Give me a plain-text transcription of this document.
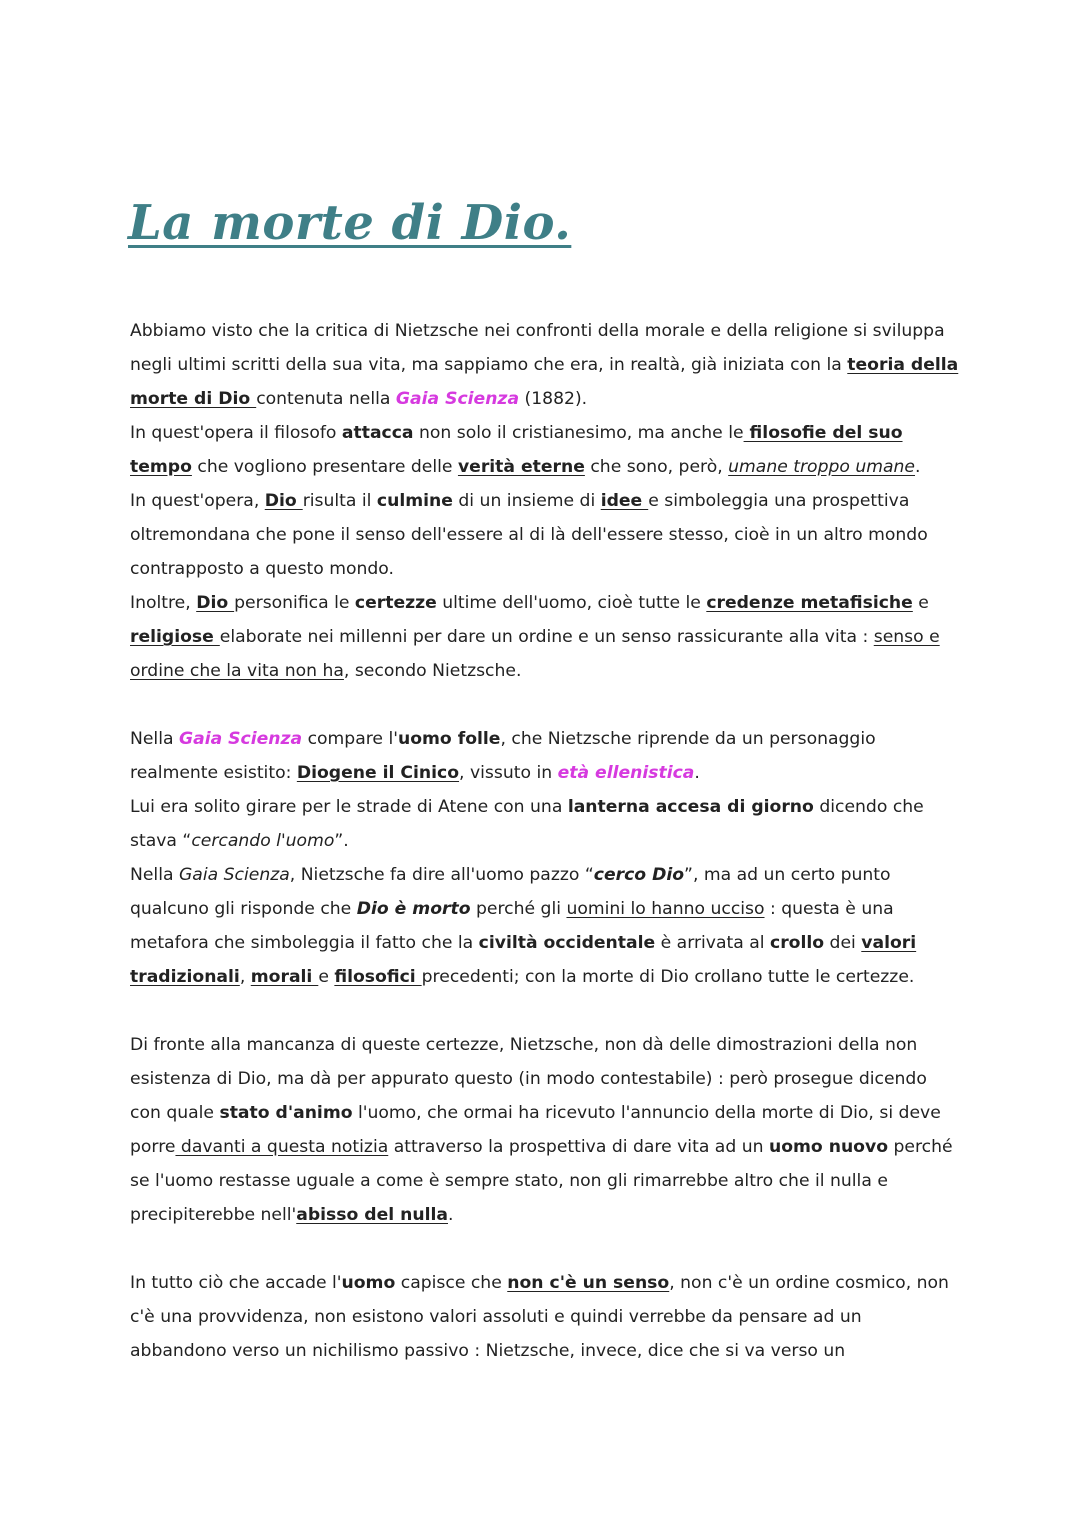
La morte di Dio.

Abbiamo visto che la critica di Nietzsche nei confronti della morale e della religione si sviluppa negli ultimi scritti della sua vita, ma sappiamo che era, in realtà, già iniziata con la teoria della morte di Dio contenuta nella Gaia Scienza (1882).

In quest'opera il filosofo attacca non solo il cristianesimo, ma anche le filosofie del suo tempo che vogliono presentare delle verità eterne che sono, però, umane troppo umane.

In quest'opera, Dio risulta il culmine di un insieme di idee e simboleggia una prospettiva oltremondana che pone il senso dell'essere al di là dell'essere stesso, cioè in un altro mondo contrapposto a questo mondo.

Inoltre, Dio personifica le certezze ultime dell'uomo, cioè tutte le credenze metafisiche e religiose elaborate nei millenni per dare un ordine e un senso rassicurante alla vita : senso e ordine che la vita non ha, secondo Nietzsche.

Nella Gaia Scienza compare l'uomo folle, che Nietzsche riprende da un personaggio realmente esistito: Diogene il Cinico, vissuto in età ellenistica.

Lui era solito girare per le strade di Atene con una lanterna accesa di giorno dicendo che stava “cercando l'uomo”.

Nella Gaia Scienza, Nietzsche fa dire all'uomo pazzo “cerco Dio”, ma ad un certo punto qualcuno gli risponde che Dio è morto perché gli uomini lo hanno ucciso : questa è una metafora che simboleggia il fatto che la civiltà occidentale è arrivata al crollo dei valori tradizionali, morali e filosofici precedenti; con la morte di Dio crollano tutte le certezze.

Di fronte alla mancanza di queste certezze, Nietzsche, non dà delle dimostrazioni della non esistenza di Dio, ma dà per appurato questo (in modo contestabile) : però prosegue dicendo con quale stato d'animo l'uomo, che ormai ha ricevuto l'annuncio della morte di Dio, si deve porre davanti a questa notizia attraverso la prospettiva di dare vita ad un uomo nuovo perché se l'uomo restasse uguale a come è sempre stato, non gli rimarrebbe altro che il nulla e precipiterebbe nell'abisso del nulla.

In tutto ciò che accade l'uomo capisce che non c'è un senso, non c'è un ordine cosmico, non c'è una provvidenza, non esistono valori assoluti e quindi verrebbe da pensare ad un abbandono verso un nichilismo passivo : Nietzsche, invece, dice che si va verso un
